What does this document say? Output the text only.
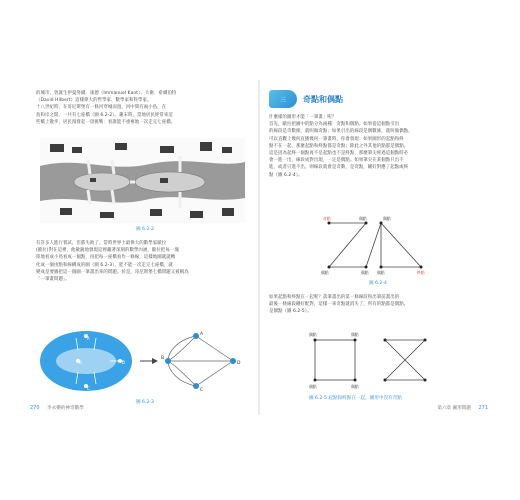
的城市，曾誕生伊曼努爾．康德（Immanuel Kant）、大衛．希爾伯特
（David Hilbert）這樣偉大的哲學家、數學家和科學家。
十八世紀時，在哥尼斯堡有一條河穿城而過，河中間有兩小島，在
島和岸之間，一共有七座橋（圖 6.2-2）。趣末時，當地居民經常來這
些橋上散步，居民漫發起一項挑戰：看誰能不重複地一次走完七座橋。
圖 6.2-2
有許多人進行嘗試，但都失敗了。當時世界上最偉大的數學家歐拉
(歐拉)對在這裡，他敏銳地發現這裡藏著深刻的數學內涵，歐拉把每一塊
陸地看成小島看成一個點，再把每一座橋看作一條線，這樣地圖就就轉
化成一個由點和線構成的圖（圖 6.2-3），能不能一次走完七座橋，就
變成是要圖把這一個圖一筆畫出來的問題。於是，哥尼斯堡七橋問題又被稱為
「一筆畫問題」。
A
C
B	D
A
B
C
D
圖 6.2-3
270 李永樂的神奇數學
三	奇點和偶點
什麼樣的圖形才能「一筆畫」呢？
首先，歐拉把圖中的點分為兩種：奇點和偶點。如果從這個點引出
的線段是奇數條，就叫做奇點；如果引出的線段是偶數條，就叫做偶點。
可以直觀上幾何直播幾何一筆畫時，你會發現：如果圖形的起點和終
點不在一起，那麼起點和終點都是奇點；除此之外其他的點都是偶點。
這是因為起終一個點再不是起點也不是終點，那麼筆尖經過這個點時必
會一進一出，線段成對出現，一定是偶點。如果筆尖在某個點只出不
進，或者只進不出，則線段就會是奇數，是奇點，剛好對應了起點或終
點（圖 6.2-4）。
奇點	偶點	偶點
偶點	偶點 偶點	終點
圖 6.2-4
如果起點和終點在一起呢？落筆畫出的第一條線段和出筆前畫出的
最後一條線段剛好配對，這樣一來奇點就消失了，所有的點都是偶點。
是偶點（圖 6.2-5）。
偶點	偶點
偶點	偶點
圖 6.2-5 起點和終點在一起，圖形中沒有奇點
第六章 圖形問題 271
